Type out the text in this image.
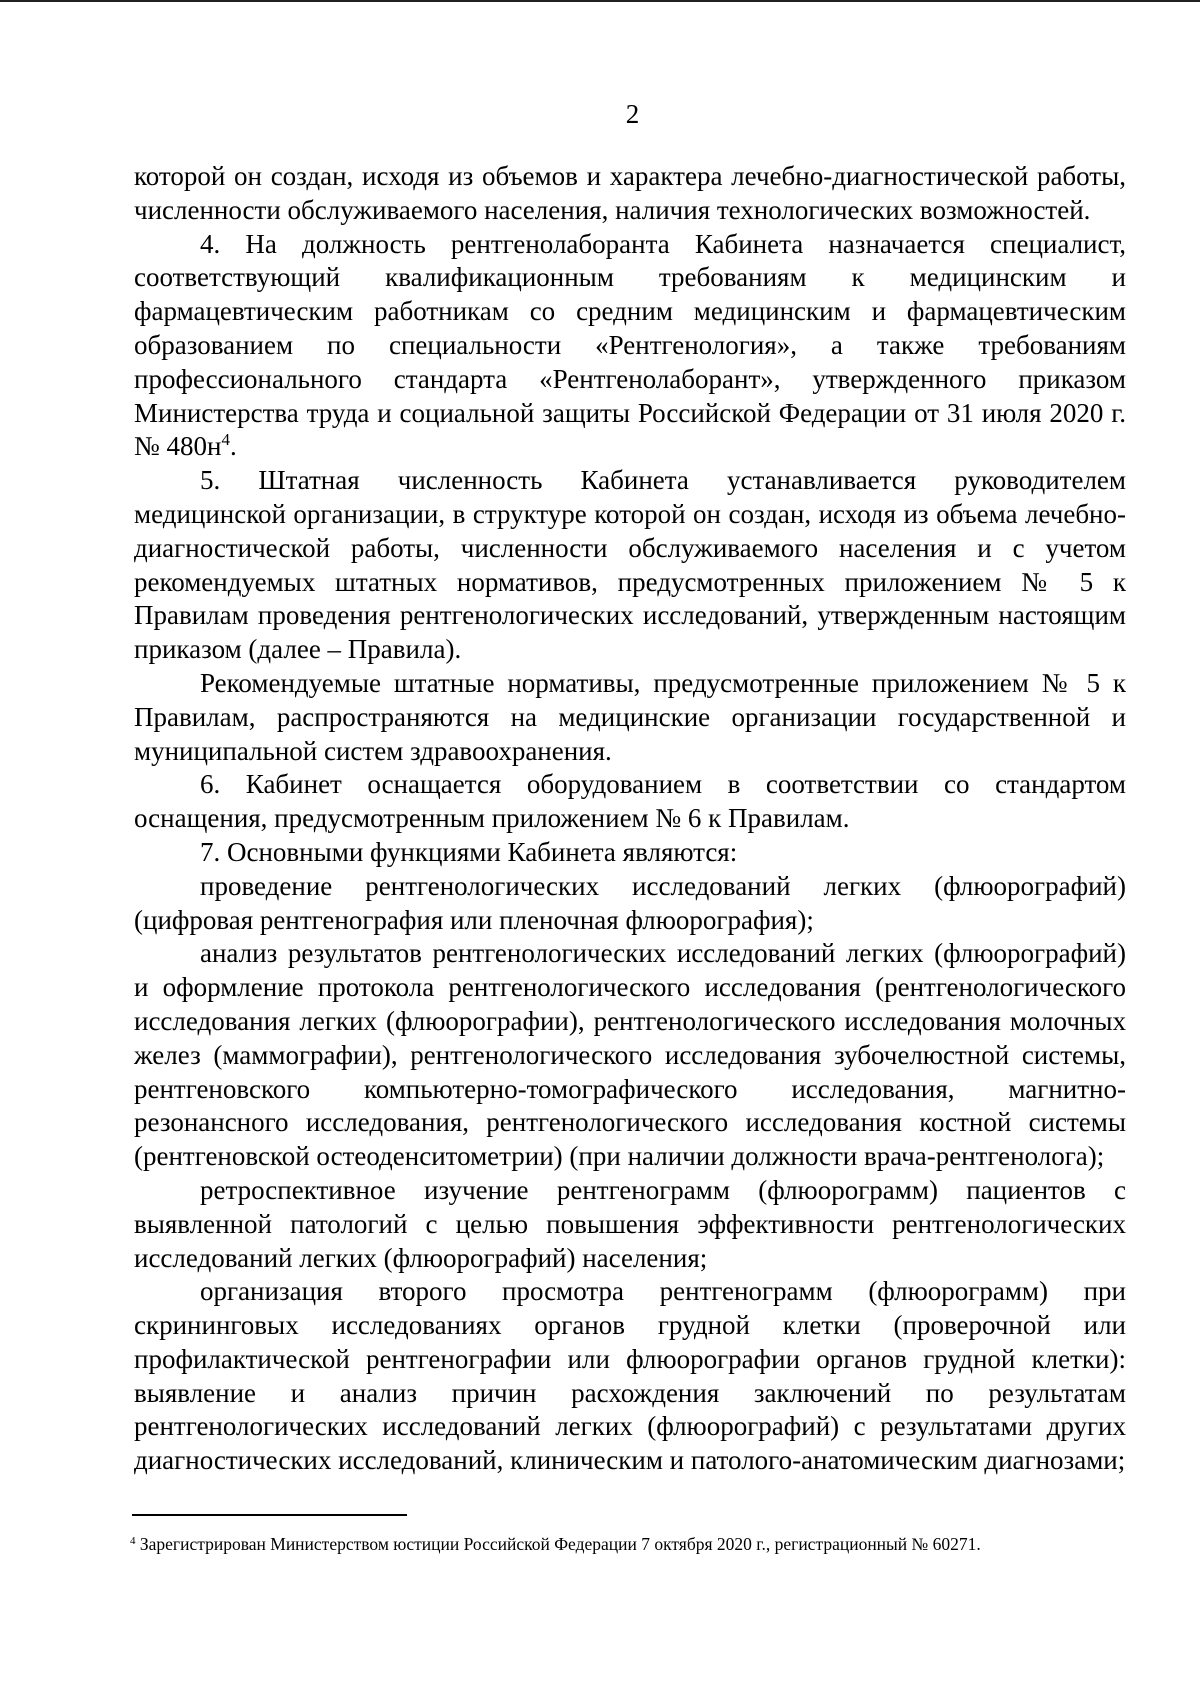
2

которой он создан, исходя из объемов и характера лечебно-диагностической работы, численности обслуживаемого населения, наличия технологических возможностей.

4. На должность рентгенолаборанта Кабинета назначается специалист, соответствующий квалификационным требованиям к медицинским и фармацевтическим работникам со средним медицинским и фармацевтическим образованием по специальности «Рентгенология», а также требованиям профессионального стандарта «Рентгенолаборант», утвержденного приказом Министерства труда и социальной защиты Российской Федерации от 31 июля 2020 г. № $480н^4$.

5. Штатная численность Кабинета устанавливается руководителем медицинской организации, в структуре которой он создан, исходя из объема лечебно-диагностической работы, численности обслуживаемого населения и с учетом рекомендуемых штатных нормативов, предусмотренных приложением № 5 к Правилам проведения рентгенологических исследований, утвержденным настоящим приказом (далее – Правила).

Рекомендуемые штатные нормативы, предусмотренные приложением № 5 к Правилам, распространяются на медицинские организации государственной и муниципальной систем здравоохранения.

6. Кабинет оснащается оборудованием в соответствии со стандартом оснащения, предусмотренным приложением № 6 к Правилам.

7. Основными функциями Кабинета являются:

проведение рентгенологических исследований легких (флюорографий) (цифровая рентгенография или пленочная флюорография);

анализ результатов рентгенологических исследований легких (флюорографий) и оформление протокола рентгенологического исследования (рентгенологического исследования легких (флюорографии), рентгенологического исследования молочных желез (маммографии), рентгенологического исследования зубочелюстной системы, рентгеновского компьютерно-томографического исследования, магнитно-резонансного исследования, рентгенологического исследования костной системы (рентгеновской остеоденситометрии) (при наличии должности врача-рентгенолога);

ретроспективное изучение рентгенограмм (флюорограмм) пациентов с выявленной патологий с целью повышения эффективности рентгенологических исследований легких (флюорографий) населения;

организация второго просмотра рентгенограмм (флюорограмм) при скрининговых исследованиях органов грудной клетки (проверочной или профилактической рентгенографии или флюорографии органов грудной клетки): выявление и анализ причин расхождения заключений по результатам рентгенологических исследований легких (флюорографий) с результатами других диагностических исследований, клиническим и патолого-анатомическим диагнозами;

$^4$ Зарегистрирован Министерством юстиции Российской Федерации 7 октября 2020 г., регистрационный № 60271.
